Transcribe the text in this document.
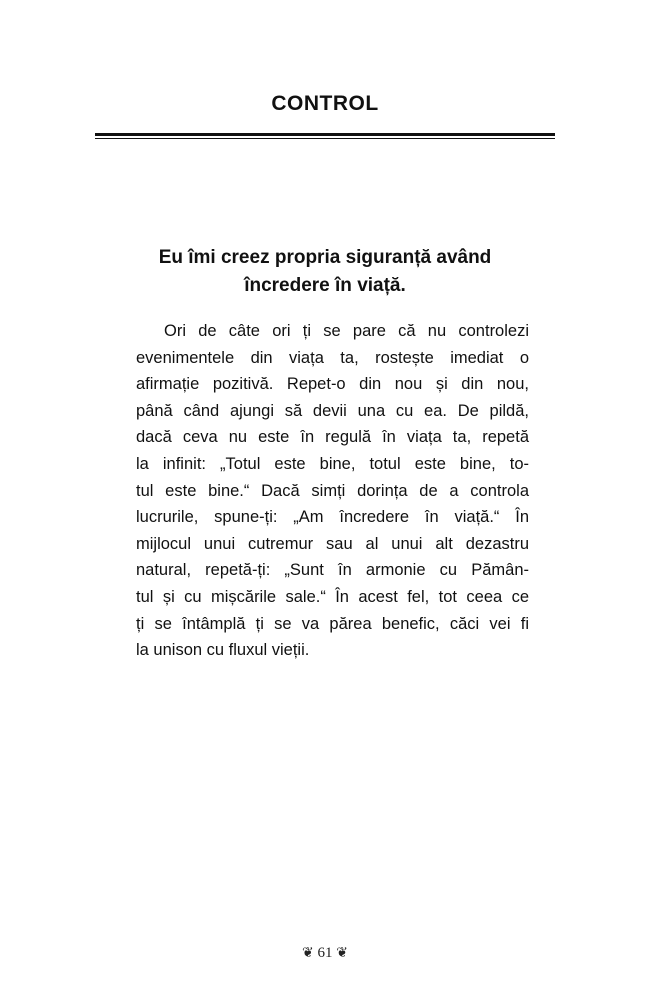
CONTROL
Eu îmi creez propria siguranță având
încredere în viață.
Ori de câte ori ți se pare că nu controlezi
evenimentele din viața ta, rostește imediat o
afirmație pozitivă. Repet-o din nou și din nou,
până când ajungi să devii una cu ea. De pildă,
dacă ceva nu este în regulă în viața ta, repetă
la infinit: „Totul este bine, totul este bine, to-
tul este bine.“ Dacă simți dorința de a controla
lucrurile, spune-ți: „Am încredere în viață.“ În
mijlocul unui cutremur sau al unui alt dezastru
natural, repetă-ți: „Sunt în armonie cu Pămân-
tul și cu mișcările sale.“ În acest fel, tot ceea ce
ți se întâmplă ți se va părea benefic, căci vei fi
la unison cu fluxul vieții.
❦ 61 ❦
